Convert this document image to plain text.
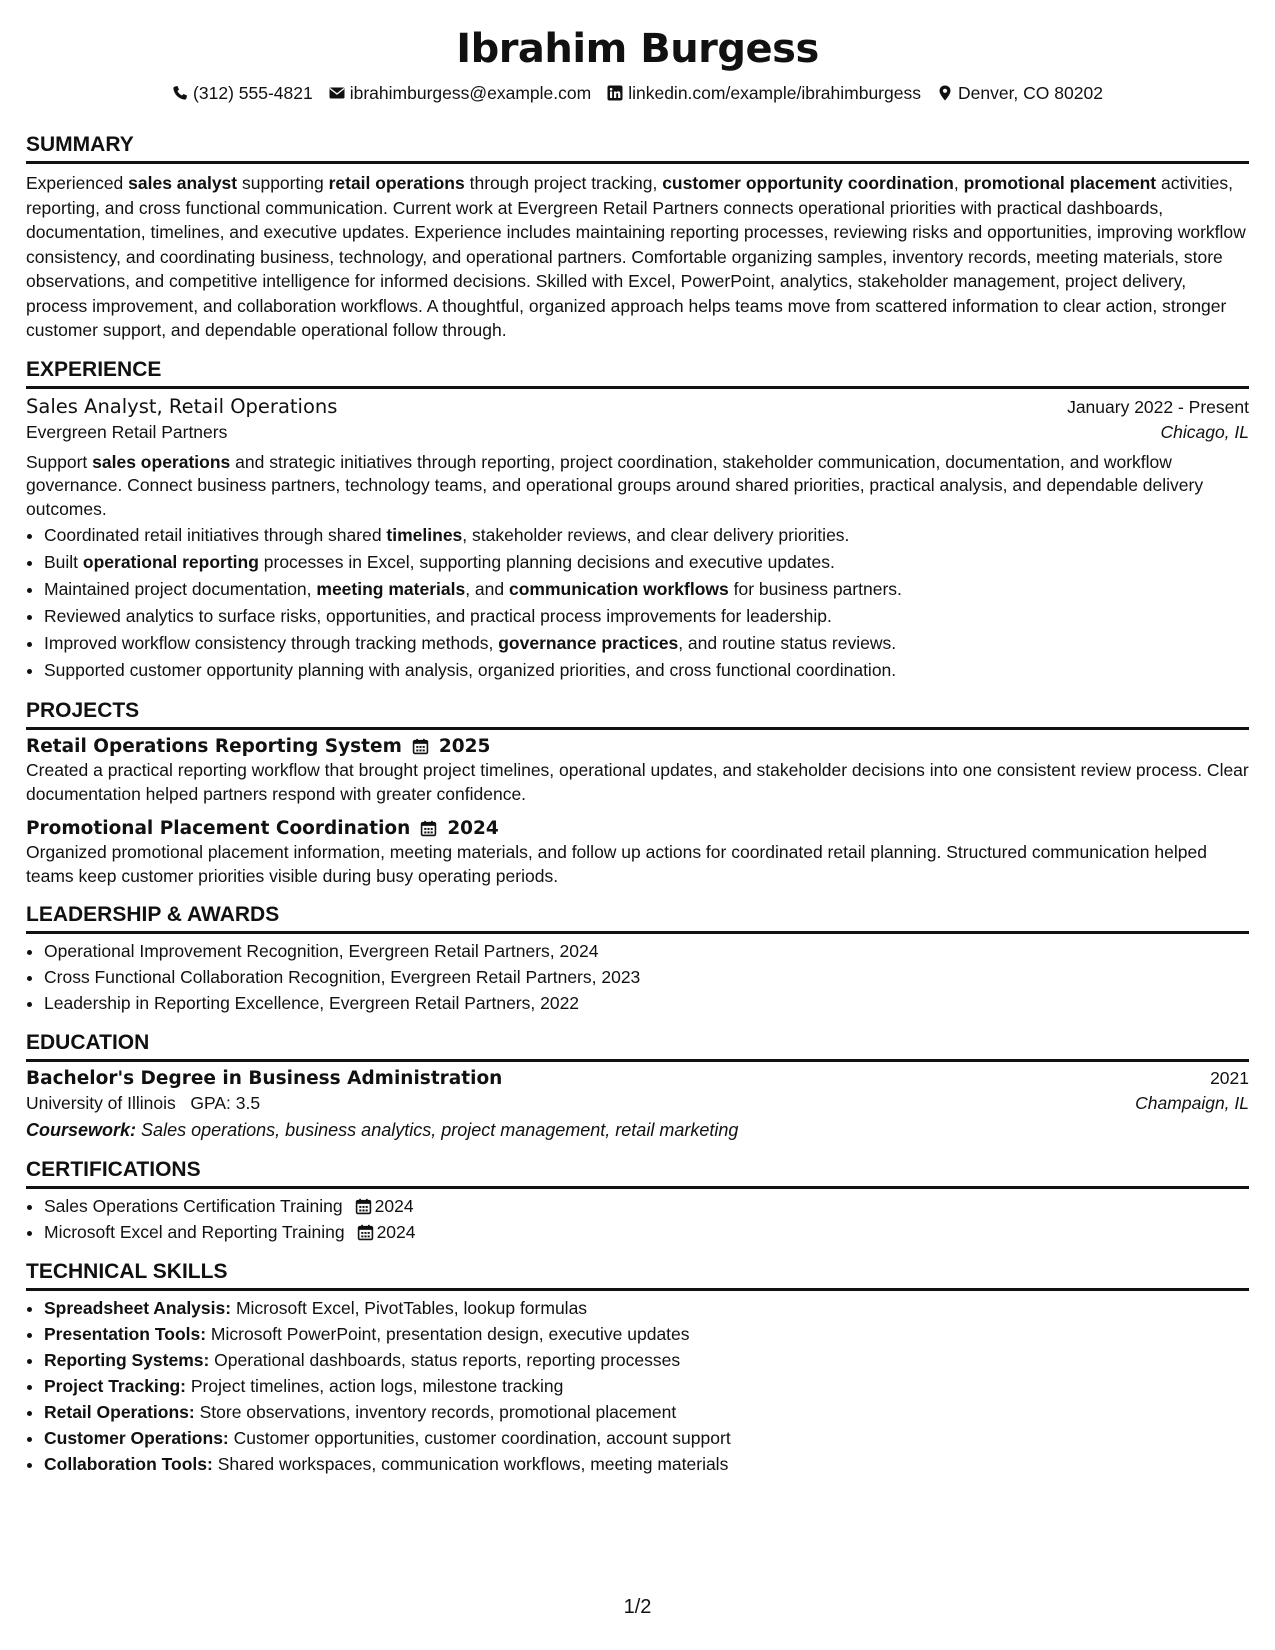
Ibrahim Burgess
(312) 555-4821 ibrahimburgess@example.com linkedin.com/example/ibrahimburgess Denver, CO 80202
SUMMARY
Experienced sales analyst supporting retail operations through project tracking, customer opportunity coordination, promotional placement activities, reporting, and cross functional communication. Current work at Evergreen Retail Partners connects operational priorities with practical dashboards, documentation, timelines, and executive updates. Experience includes maintaining reporting processes, reviewing risks and opportunities, improving workflow consistency, and coordinating business, technology, and operational partners. Comfortable organizing samples, inventory records, meeting materials, store observations, and competitive intelligence for informed decisions. Skilled with Excel, PowerPoint, analytics, stakeholder management, project delivery, process improvement, and collaboration workflows. A thoughtful, organized approach helps teams move from scattered information to clear action, stronger customer support, and dependable operational follow through.
EXPERIENCE
Sales Analyst, Retail Operations	January 2022 - Present
Evergreen Retail Partners	Chicago, IL
Support sales operations and strategic initiatives through reporting, project coordination, stakeholder communication, documentation, and workflow governance. Connect business partners, technology teams, and operational groups around shared priorities, practical analysis, and dependable delivery outcomes.
• Coordinated retail initiatives through shared timelines, stakeholder reviews, and clear delivery priorities.
• Built operational reporting processes in Excel, supporting planning decisions and executive updates.
• Maintained project documentation, meeting materials, and communication workflows for business partners.
• Reviewed analytics to surface risks, opportunities, and practical process improvements for leadership.
• Improved workflow consistency through tracking methods, governance practices, and routine status reviews.
• Supported customer opportunity planning with analysis, organized priorities, and cross functional coordination.
PROJECTS
Retail Operations Reporting System 2025
Created a practical reporting workflow that brought project timelines, operational updates, and stakeholder decisions into one consistent review process. Clear documentation helped partners respond with greater confidence.
Promotional Placement Coordination 2024
Organized promotional placement information, meeting materials, and follow up actions for coordinated retail planning. Structured communication helped teams keep customer priorities visible during busy operating periods.
LEADERSHIP & AWARDS
• Operational Improvement Recognition, Evergreen Retail Partners, 2024
• Cross Functional Collaboration Recognition, Evergreen Retail Partners, 2023
• Leadership in Reporting Excellence, Evergreen Retail Partners, 2022
EDUCATION
Bachelor's Degree in Business Administration	2021
University of Illinois GPA: 3.5	Champaign, IL
Coursework: Sales operations, business analytics, project management, retail marketing
CERTIFICATIONS
• Sales Operations Certification Training 2024
• Microsoft Excel and Reporting Training 2024
TECHNICAL SKILLS
• Spreadsheet Analysis: Microsoft Excel, PivotTables, lookup formulas
• Presentation Tools: Microsoft PowerPoint, presentation design, executive updates
• Reporting Systems: Operational dashboards, status reports, reporting processes
• Project Tracking: Project timelines, action logs, milestone tracking
• Retail Operations: Store observations, inventory records, promotional placement
• Customer Operations: Customer opportunities, customer coordination, account support
• Collaboration Tools: Shared workspaces, communication workflows, meeting materials
1/2
